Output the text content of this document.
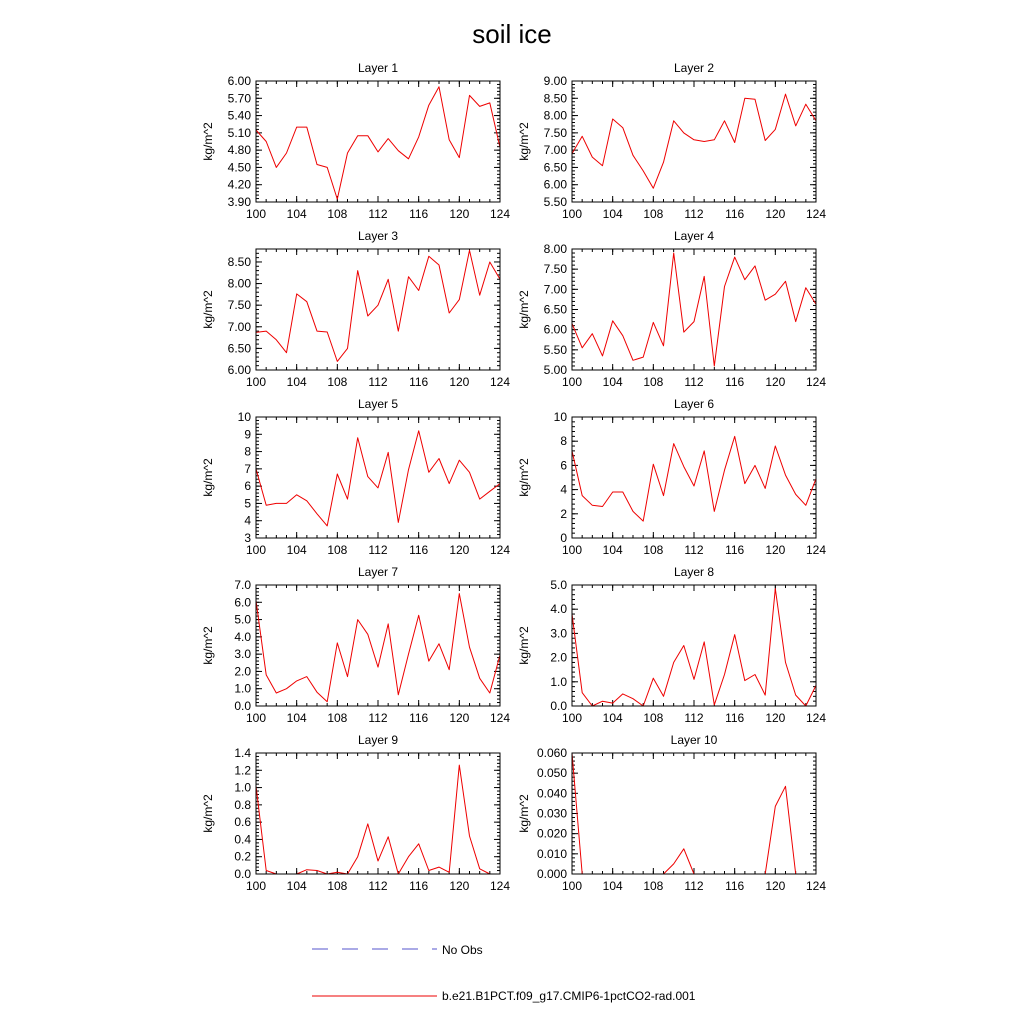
soil ice
Layer 1
kg/m^2
100 104 108 112 116 120 124
3.90
4.20
4.50
4.80
5.10
5.40
5.70
6.00
Layer 2
kg/m^2
100 104 108 112 116 120 124
5.50
6.00
6.50
7.00
7.50
8.00
8.50
9.00
Layer 3
kg/m^2
100 104 108 112 116 120 124
6.00
6.50
7.00
7.50
8.00
8.50
Layer 4
kg/m^2
100 104 108 112 116 120 124
5.00
5.50
6.00
6.50
7.00
7.50
8.00
Layer 5
kg/m^2
100 104 108 112 116 120 124
3
4
5
6
7
8
9
10
Layer 6
kg/m^2
100 104 108 112 116 120 124
0
2
4
6
8
10
Layer 7
kg/m^2
100 104 108 112 116 120 124
0.0
1.0
2.0
3.0
4.0
5.0
6.0
7.0
Layer 8
kg/m^2
100 104 108 112 116 120 124
0.0
1.0
2.0
3.0
4.0
5.0
Layer 9
kg/m^2
100 104 108 112 116 120 124
0.0
0.2
0.4
0.6
0.8
1.0
1.2
1.4
Layer 10
kg/m^2
100 104 108 112 116 120 124
0.000
0.010
0.020
0.030
0.040
0.050
0.060
No Obs
b.e21.B1PCT.f09_g17.CMIP6-1pctCO2-rad.001
